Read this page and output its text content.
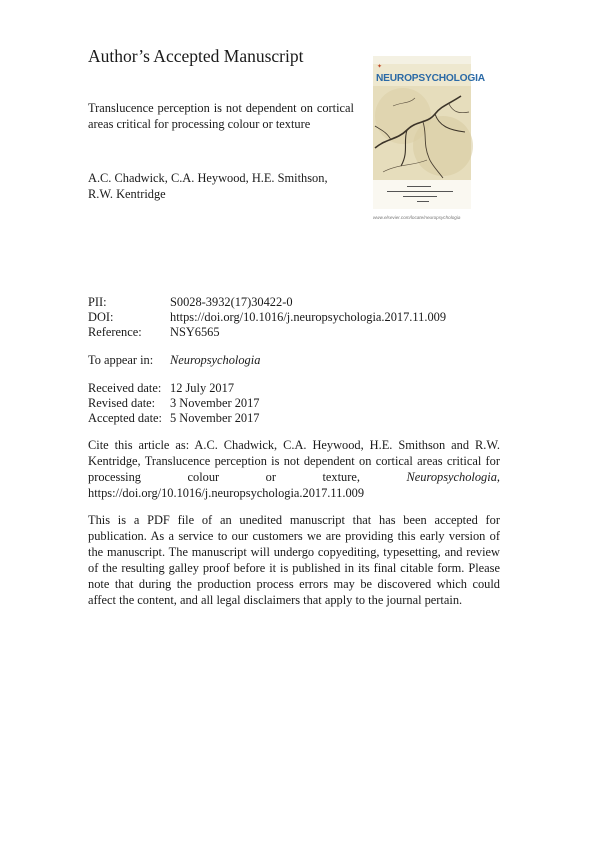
Author’s Accepted Manuscript
Translucence perception is not dependent on cortical areas critical for processing colour or texture
A.C. Chadwick, C.A. Heywood, H.E. Smithson, R.W. Kentridge
✦
NEUROPSYCHOLOGIA
www.elsevier.com/locate/neuropsychologia
PII:	S0028-3932(17)30422-0
DOI:	https://doi.org/10.1016/j.neuropsychologia.2017.11.009
Reference: NSY6565
To appear in: Neuropsychologia
Received date: 12 July 2017
Revised date: 3 November 2017
Accepted date: 5 November 2017
Cite this article as: A.C. Chadwick, C.A. Heywood, H.E. Smithson and R.W. Kentridge, Translucence perception is not dependent on cortical areas critical for processing colour or texture,	Neuropsychologia, https://doi.org/10.1016/j.neuropsychologia.2017.11.009
This is a PDF file of an unedited manuscript that has been accepted for publication. As a service to our customers we are providing this early version of the manuscript. The manuscript will undergo copyediting, typesetting, and review of the resulting galley proof before it is published in its final citable form. Please note that during the production process errors may be discovered which could affect the content, and all legal disclaimers that apply to the journal pertain.
